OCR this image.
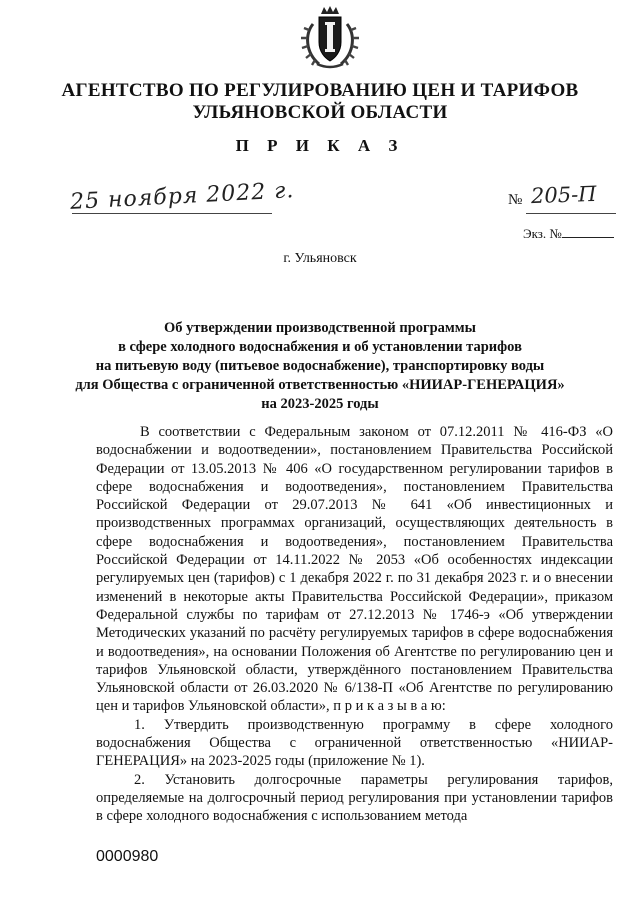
АГЕНТСТВО ПО РЕГУЛИРОВАНИЮ ЦЕН И ТАРИФОВ
УЛЬЯНОВСКОЙ ОБЛАСТИ
П Р И К А З
25 ноября 2022 г.	№ 205-П
Экз. №
г. Ульяновск
Об утверждении производственной программы
в сфере холодного водоснабжения и об установлении тарифов
на питьевую воду (питьевое водоснабжение), транспортировку воды
для Общества с ограниченной ответственностью «НИИАР-ГЕНЕРАЦИЯ»
на 2023-2025 годы

В соответствии с Федеральным законом от 07.12.2011 № 416-ФЗ «О водоснабжении и водоотведении», постановлением Правительства Российской Федерации от 13.05.2013 № 406 «О государственном регулировании тарифов в сфере водоснабжения и водоотведения», постановлением Правительства Российской Федерации от 29.07.2013 № 641 «Об инвестиционных и производственных программах организаций, осуществляющих деятельность в сфере водоснабжения и водоотведения», постановлением Правительства Российской Федерации от 14.11.2022 № 2053 «Об особенностях индексации регулируемых цен (тарифов) с 1 декабря 2022 г. по 31 декабря 2023 г. и о внесении изменений в некоторые акты Правительства Российской Федерации», приказом Федеральной службы по тарифам от 27.12.2013 № 1746-э «Об утверждении Методических указаний по расчёту регулируемых тарифов в сфере водоснабжения и водоотведения», на основании Положения об Агентстве по регулированию цен и тарифов Ульяновской области, утверждённого постановлением Правительства Ульяновской области от 26.03.2020 № 6/138-П «Об Агентстве по регулированию цен и тарифов Ульяновской области», п р и к а з ы в а ю:

1. Утвердить производственную программу в сфере холодного водоснабжения Общества с ограниченной ответственностью «НИИАР-ГЕНЕРАЦИЯ» на 2023-2025 годы (приложение № 1).

2. Установить долгосрочные параметры регулирования тарифов, определяемые на долгосрочный период регулирования при установлении тарифов в сфере холодного водоснабжения с использованием метода

0000980
